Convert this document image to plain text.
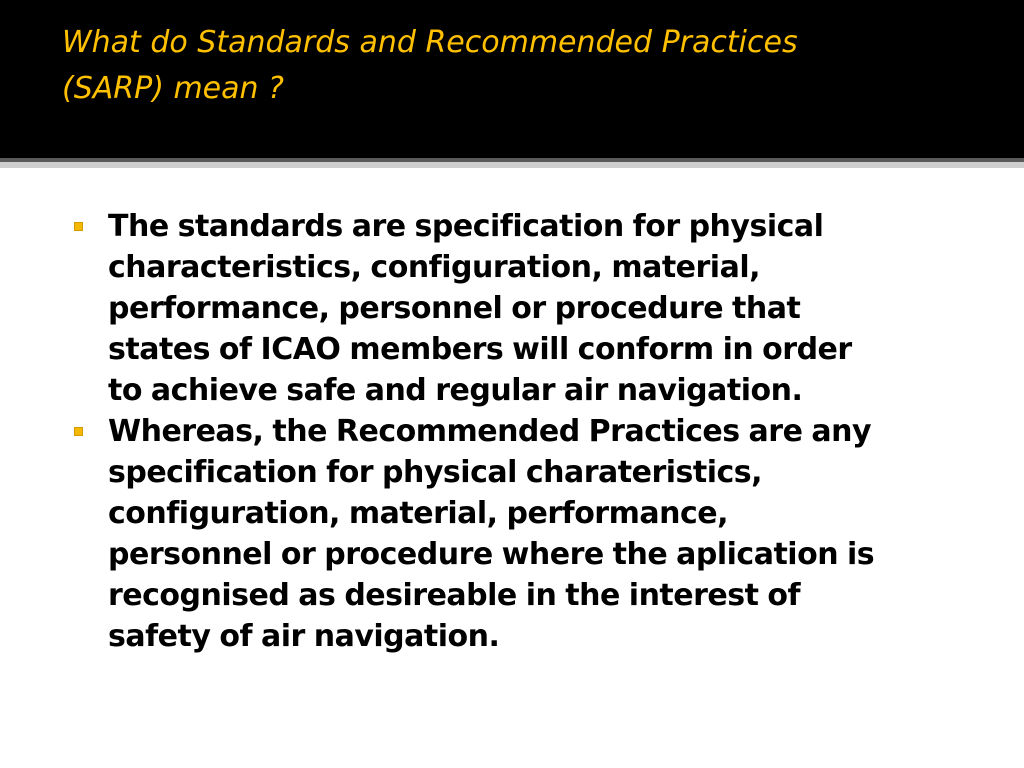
What do Standards and Recommended Practices
(SARP) mean ?
The standards are specification for physical
characteristics, configuration, material,
performance, personnel or procedure that
states of ICAO members will conform in order
to achieve safe and regular air navigation.
Whereas, the Recommended Practices are any
specification for physical charateristics,
configuration, material, performance,
personnel or procedure where the aplication is
recognised as desireable in the interest of
safety of air navigation.
